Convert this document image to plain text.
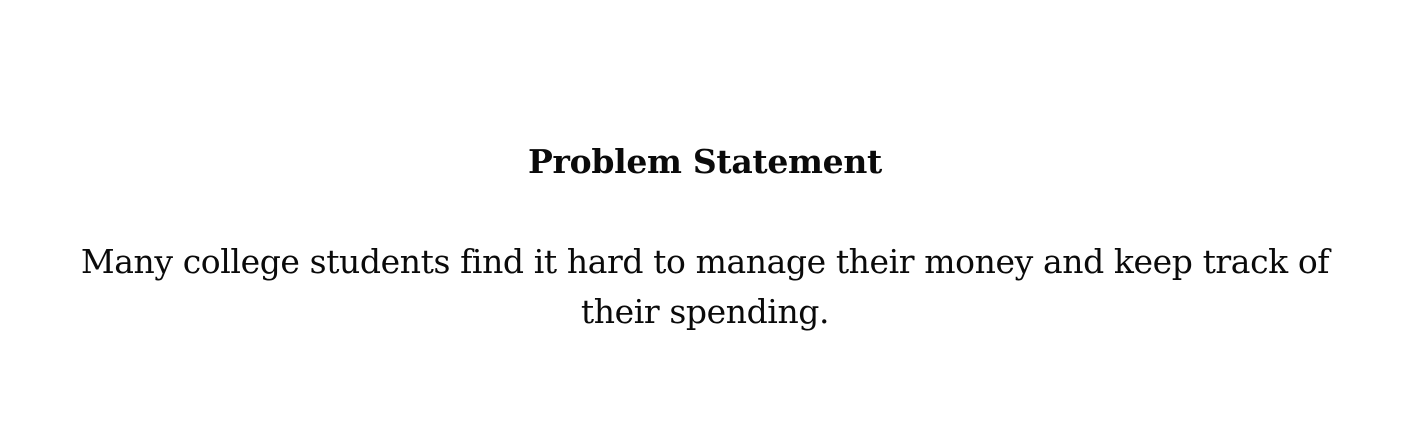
Problem Statement

Many college students find it hard to manage their money and keep track of their spending.
